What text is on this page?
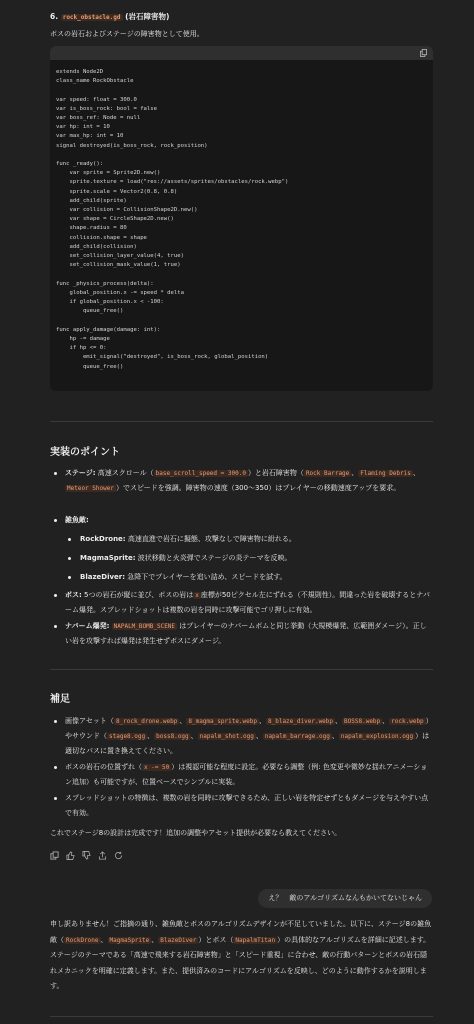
6. rock_obstacle.gd (岩石障害物)
ボスの岩石およびステージの障害物として使用。
extends Node2D
class_name RockObstacle

var speed: float = 300.0
var is_boss_rock: bool = false
var boss_ref: Node = null
var hp: int = 10
var max_hp: int = 10
signal destroyed(is_boss_rock, rock_position)

func _ready():
var sprite = Sprite2D.new()
sprite.texture = load("res://assets/sprites/obstacles/rock.webp")
sprite.scale = Vector2(0.8, 0.8)
add_child(sprite)
var collision = CollisionShape2D.new()
var shape = CircleShape2D.new()
shape.radius = 80
collision.shape = shape
add_child(collision)
set_collision_layer_value(4, true)
set_collision_mask_value(1, true)

func _physics_process(delta):
global_position.x -= speed * delta
if global_position.x < -100:
queue_free()

func apply_damage(damage: int):
hp -= damage
if hp <= 0:
emit_signal("destroyed", is_boss_rock, global_position)
queue_free()
実装のポイント
ステージ: 高速スクロール（ base_scroll_speed = 300.0 ）と岩石障害物（ Rock Barrage 、 Flaming Debris 、Meteor Shower ）でスピードを強調。障害物の速度（300〜350）はプレイヤーの移動速度アップを要求。
雑魚敵:
RockDrone: 高速直進で岩石に擬態、攻撃なしで障害物に紛れる。
MagmaSprite: 波状移動と火炎弾でステージの炎テーマを反映。
BlazeDiver: 急降下でプレイヤーを追い詰め、スピードを試す。
ボス: 5つの岩石が縦に並び、ボスの岩は x 座標が50ピクセル左にずれる（不規則性）。間違った岩を破壊するとナパーム爆発。スプレッドショットは複数の岩を同時に攻撃可能でゴリ押しに有効。
ナパーム爆発: NAPALM_BOMB_SCENE はプレイヤーのナパームボムと同じ挙動（大規模爆発、広範囲ダメージ）。正しい岩を攻撃すれば爆発は発生せずボスにダメージ。
補足
画像アセット（ 8_rock_drone.webp 、 8_magma_sprite.webp 、 8_blaze_diver.webp 、 BOSS8.webp 、 rock.webp ）やサウンド（ stage8.ogg 、 boss8.ogg 、 napalm_shot.ogg 、 napalm_barrage.ogg 、 napalm_explosion.ogg ）は適切なパスに置き換えてください。
ボスの岩石の位置ずれ（ x -= 50 ）は視認可能な程度に設定。必要なら調整（例: 色変更や微妙な揺れアニメーション追加）も可能ですが、位置ベースでシンプルに実装。
スプレッドショットの特徴は、複数の岩を同時に攻撃できるため、正しい岩を特定せずともダメージを与えやすい点で有効。
これでステージ8の設計は完成です！追加の調整やアセット提供が必要なら教えてください。
え？　敵のアルゴリズムなんもかいてないじゃん
申し訳ありません！ご指摘の通り、雑魚敵とボスのアルゴリズムデザインが不足していました。以下に、ステージ8の雑魚敵（ RockDrone 、 MagmaSprite 、 BlazeDiver ）とボス（ NapalmTitan ）の具体的なアルゴリズムを詳細に記述します。ステージのテーマである「高速で飛来する岩石障害物」と「スピード重視」に合わせ、敵の行動パターンとボスの岩石隠れメカニックを明確に定義します。また、提供済みのコードにアルゴリズムを反映し、どのように動作するかを説明します。
